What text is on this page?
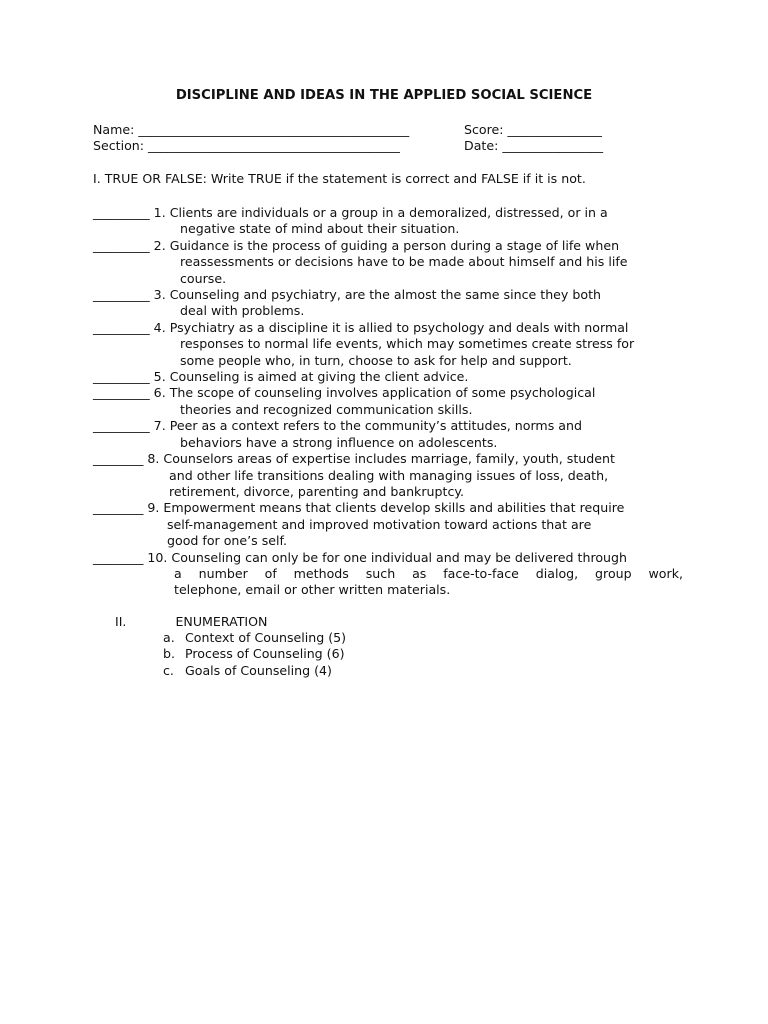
DISCIPLINE AND IDEAS IN THE APPLIED SOCIAL SCIENCE
Name: ___________________________________________	Score: _______________
Section: ________________________________________	Date: ________________
I. TRUE OR FALSE: Write TRUE if the statement is correct and FALSE if it is not.
_________ 1. Clients are individuals or a group in a demoralized, distressed, or in a
negative state of mind about their situation.
_________ 2. Guidance is the process of guiding a person during a stage of life when
reassessments or decisions have to be made about himself and his life
course.
_________ 3. Counseling and psychiatry, are the almost the same since they both
deal with problems.
_________ 4. Psychiatry as a discipline it is allied to psychology and deals with normal
responses to normal life events, which may sometimes create stress for
some people who, in turn, choose to ask for help and support.
_________ 5. Counseling is aimed at giving the client advice.
_________ 6. The scope of counseling involves application of some psychological
theories and recognized communication skills.
_________ 7. Peer as a context refers to the community’s attitudes, norms and
behaviors have a strong influence on adolescents.
________ 8. Counselors areas of expertise includes marriage, family, youth, student
and other life transitions dealing with managing issues of loss, death,
retirement, divorce, parenting and bankruptcy.
________ 9. Empowerment means that clients develop skills and abilities that require
self-management and improved motivation toward actions that are
good for one’s self.
________ 10. Counseling can only be for one individual and may be delivered through
a number of methods such as face-to-face dialog, group work,
telephone, email or other written materials.
II.	ENUMERATION
a. Context of Counseling (5)
b. Process of Counseling (6)
c. Goals of Counseling (4)
